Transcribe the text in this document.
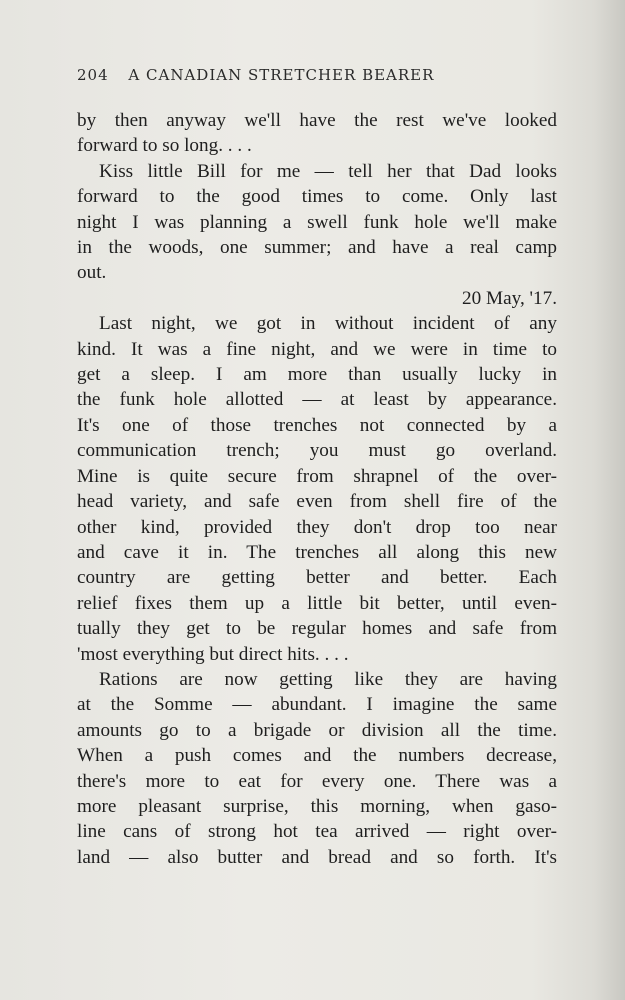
204 A CANADIAN STRETCHER BEARER

by then anyway we'll have the rest we've looked
forward to so long. . . .

Kiss little Bill for me — tell her that Dad looks
forward to the good times to come. Only last
night I was planning a swell funk hole we'll make
in the woods, one summer; and have a real camp
out.

20 May, '17.

Last night, we got in without incident of any
kind. It was a fine night, and we were in time to
get a sleep. I am more than usually lucky in
the funk hole allotted — at least by appearance.
It's one of those trenches not connected by a
communication trench; you must go overland.
Mine is quite secure from shrapnel of the over-
head variety, and safe even from shell fire of the
other kind, provided they don't drop too near
and cave it in. The trenches all along this new
country are getting better and better. Each
relief fixes them up a little bit better, until even-
tually they get to be regular homes and safe from
'most everything but direct hits. . . .

Rations are now getting like they are having
at the Somme — abundant. I imagine the same
amounts go to a brigade or division all the time.
When a push comes and the numbers decrease,
there's more to eat for every one. There was a
more pleasant surprise, this morning, when gaso-
line cans of strong hot tea arrived — right over-
land — also butter and bread and so forth. It's
